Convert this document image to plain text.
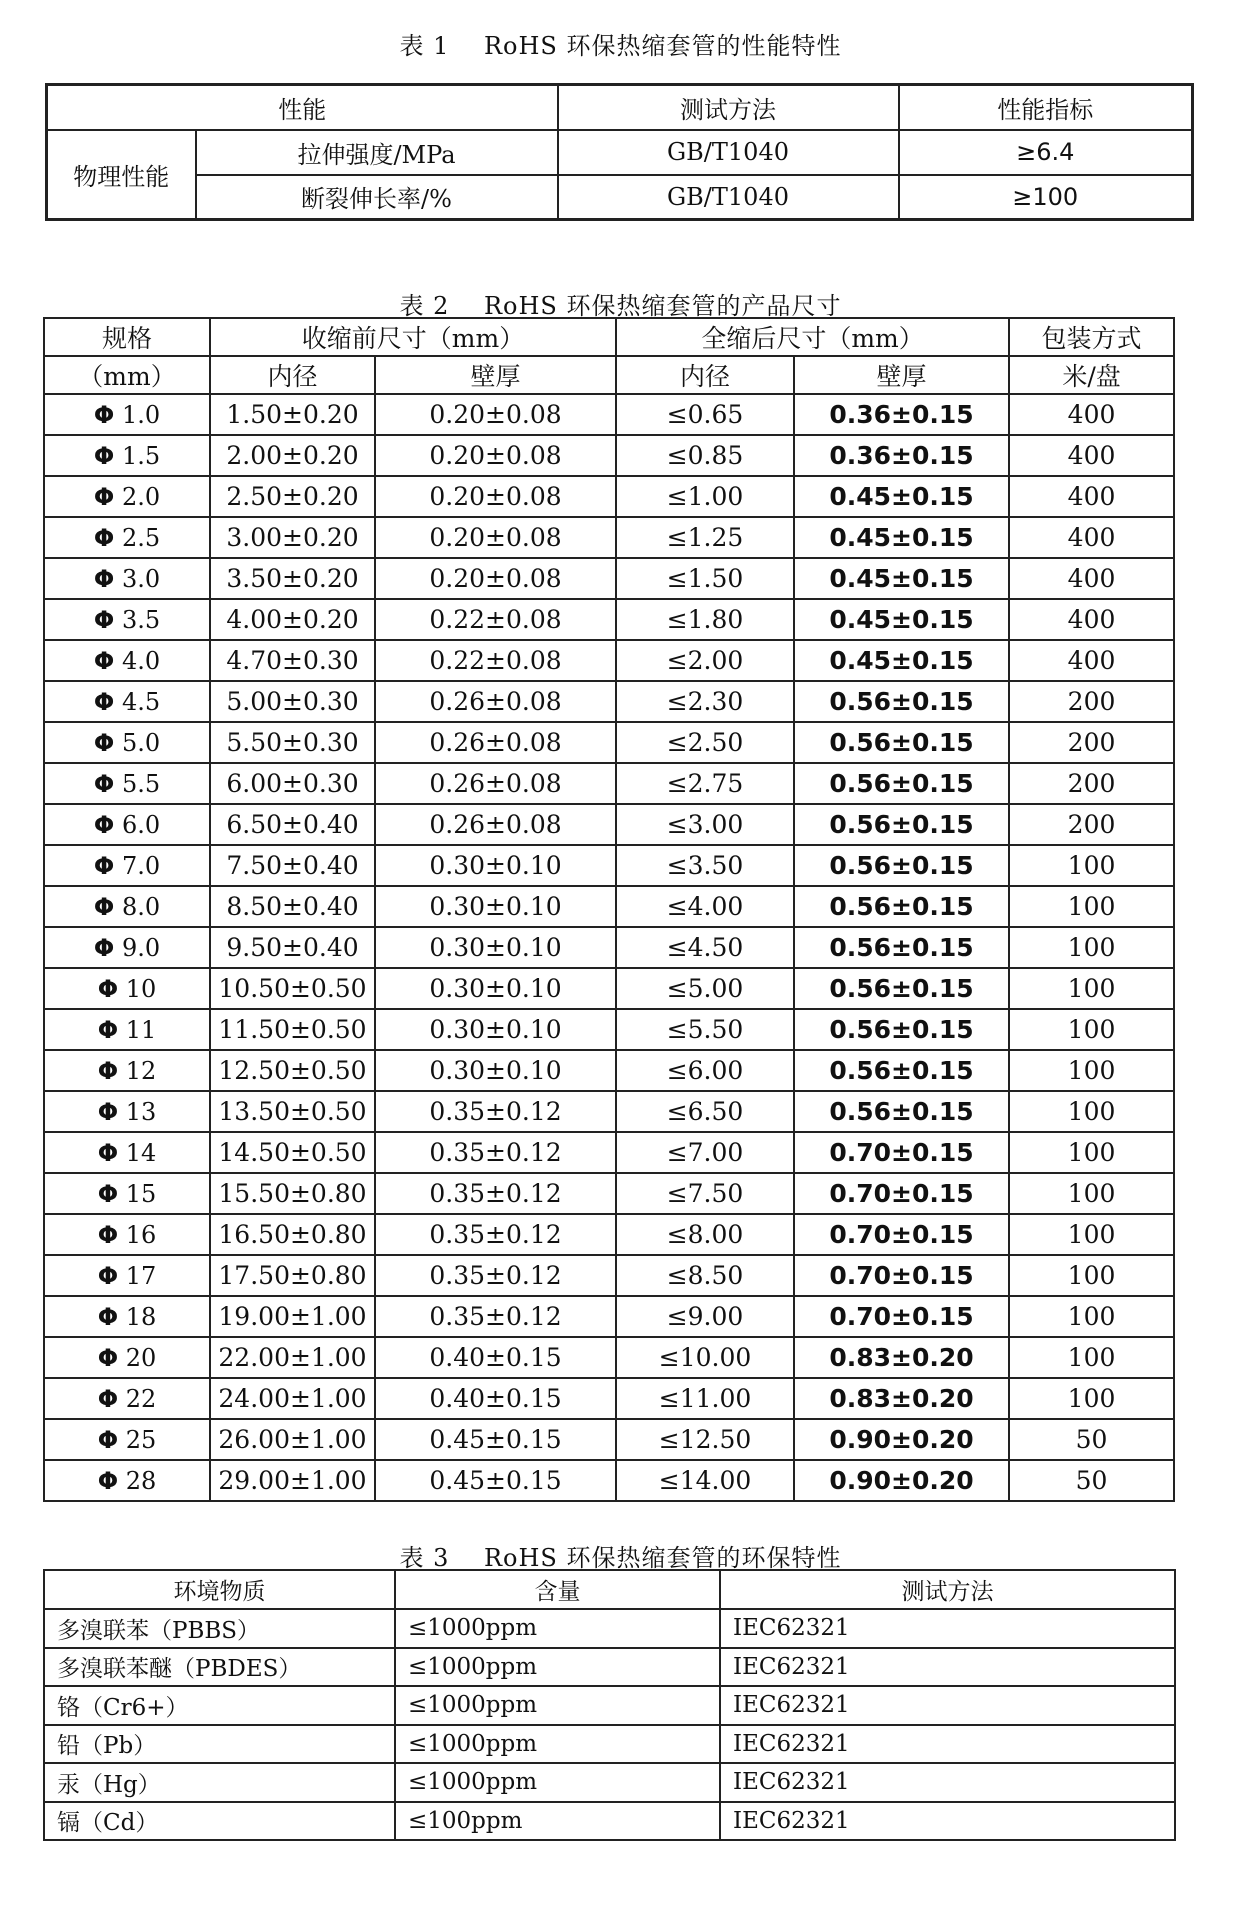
表 1    RoHS 环保热缩套管的性能特性
性能		测试方法	性能指标
物理性能	拉伸强度/MPa	GB/T1040	≥6.4
	断裂伸长率/%	GB/T1040	≥100
表 2    RoHS 环保热缩套管的产品尺寸
规格	收缩前尺寸（mm）		全缩后尺寸（mm）		包装方式
（mm）	内径	壁厚	内径	壁厚	米/盘
Φ 1.0	1.50±0.20	0.20±0.08	≤0.65	0.36±0.15	400
Φ 1.5	2.00±0.20	0.20±0.08	≤0.85	0.36±0.15	400
Φ 2.0	2.50±0.20	0.20±0.08	≤1.00	0.45±0.15	400
Φ 2.5	3.00±0.20	0.20±0.08	≤1.25	0.45±0.15	400
Φ 3.0	3.50±0.20	0.20±0.08	≤1.50	0.45±0.15	400
Φ 3.5	4.00±0.20	0.22±0.08	≤1.80	0.45±0.15	400
Φ 4.0	4.70±0.30	0.22±0.08	≤2.00	0.45±0.15	400
Φ 4.5	5.00±0.30	0.26±0.08	≤2.30	0.56±0.15	200
Φ 5.0	5.50±0.30	0.26±0.08	≤2.50	0.56±0.15	200
Φ 5.5	6.00±0.30	0.26±0.08	≤2.75	0.56±0.15	200
Φ 6.0	6.50±0.40	0.26±0.08	≤3.00	0.56±0.15	200
Φ 7.0	7.50±0.40	0.30±0.10	≤3.50	0.56±0.15	100
Φ 8.0	8.50±0.40	0.30±0.10	≤4.00	0.56±0.15	100
Φ 9.0	9.50±0.40	0.30±0.10	≤4.50	0.56±0.15	100
Φ 10	10.50±0.50	0.30±0.10	≤5.00	0.56±0.15	100
Φ 11	11.50±0.50	0.30±0.10	≤5.50	0.56±0.15	100
Φ 12	12.50±0.50	0.30±0.10	≤6.00	0.56±0.15	100
Φ 13	13.50±0.50	0.35±0.12	≤6.50	0.56±0.15	100
Φ 14	14.50±0.50	0.35±0.12	≤7.00	0.70±0.15	100
Φ 15	15.50±0.80	0.35±0.12	≤7.50	0.70±0.15	100
Φ 16	16.50±0.80	0.35±0.12	≤8.00	0.70±0.15	100
Φ 17	17.50±0.80	0.35±0.12	≤8.50	0.70±0.15	100
Φ 18	19.00±1.00	0.35±0.12	≤9.00	0.70±0.15	100
Φ 20	22.00±1.00	0.40±0.15	≤10.00	0.83±0.20	100
Φ 22	24.00±1.00	0.40±0.15	≤11.00	0.83±0.20	100
Φ 25	26.00±1.00	0.45±0.15	≤12.50	0.90±0.20	50
Φ 28	29.00±1.00	0.45±0.15	≤14.00	0.90±0.20	50
表 3    RoHS 环保热缩套管的环保特性
环境物质	含量	测试方法
多溴联苯（PBBS）	≤1000ppm	IEC62321
多溴联苯醚（PBDES）	≤1000ppm	IEC62321
铬（Cr6+）	≤1000ppm	IEC62321
铅（Pb）	≤1000ppm	IEC62321
汞（Hg）	≤1000ppm	IEC62321
镉（Cd）	≤100ppm	IEC62321
